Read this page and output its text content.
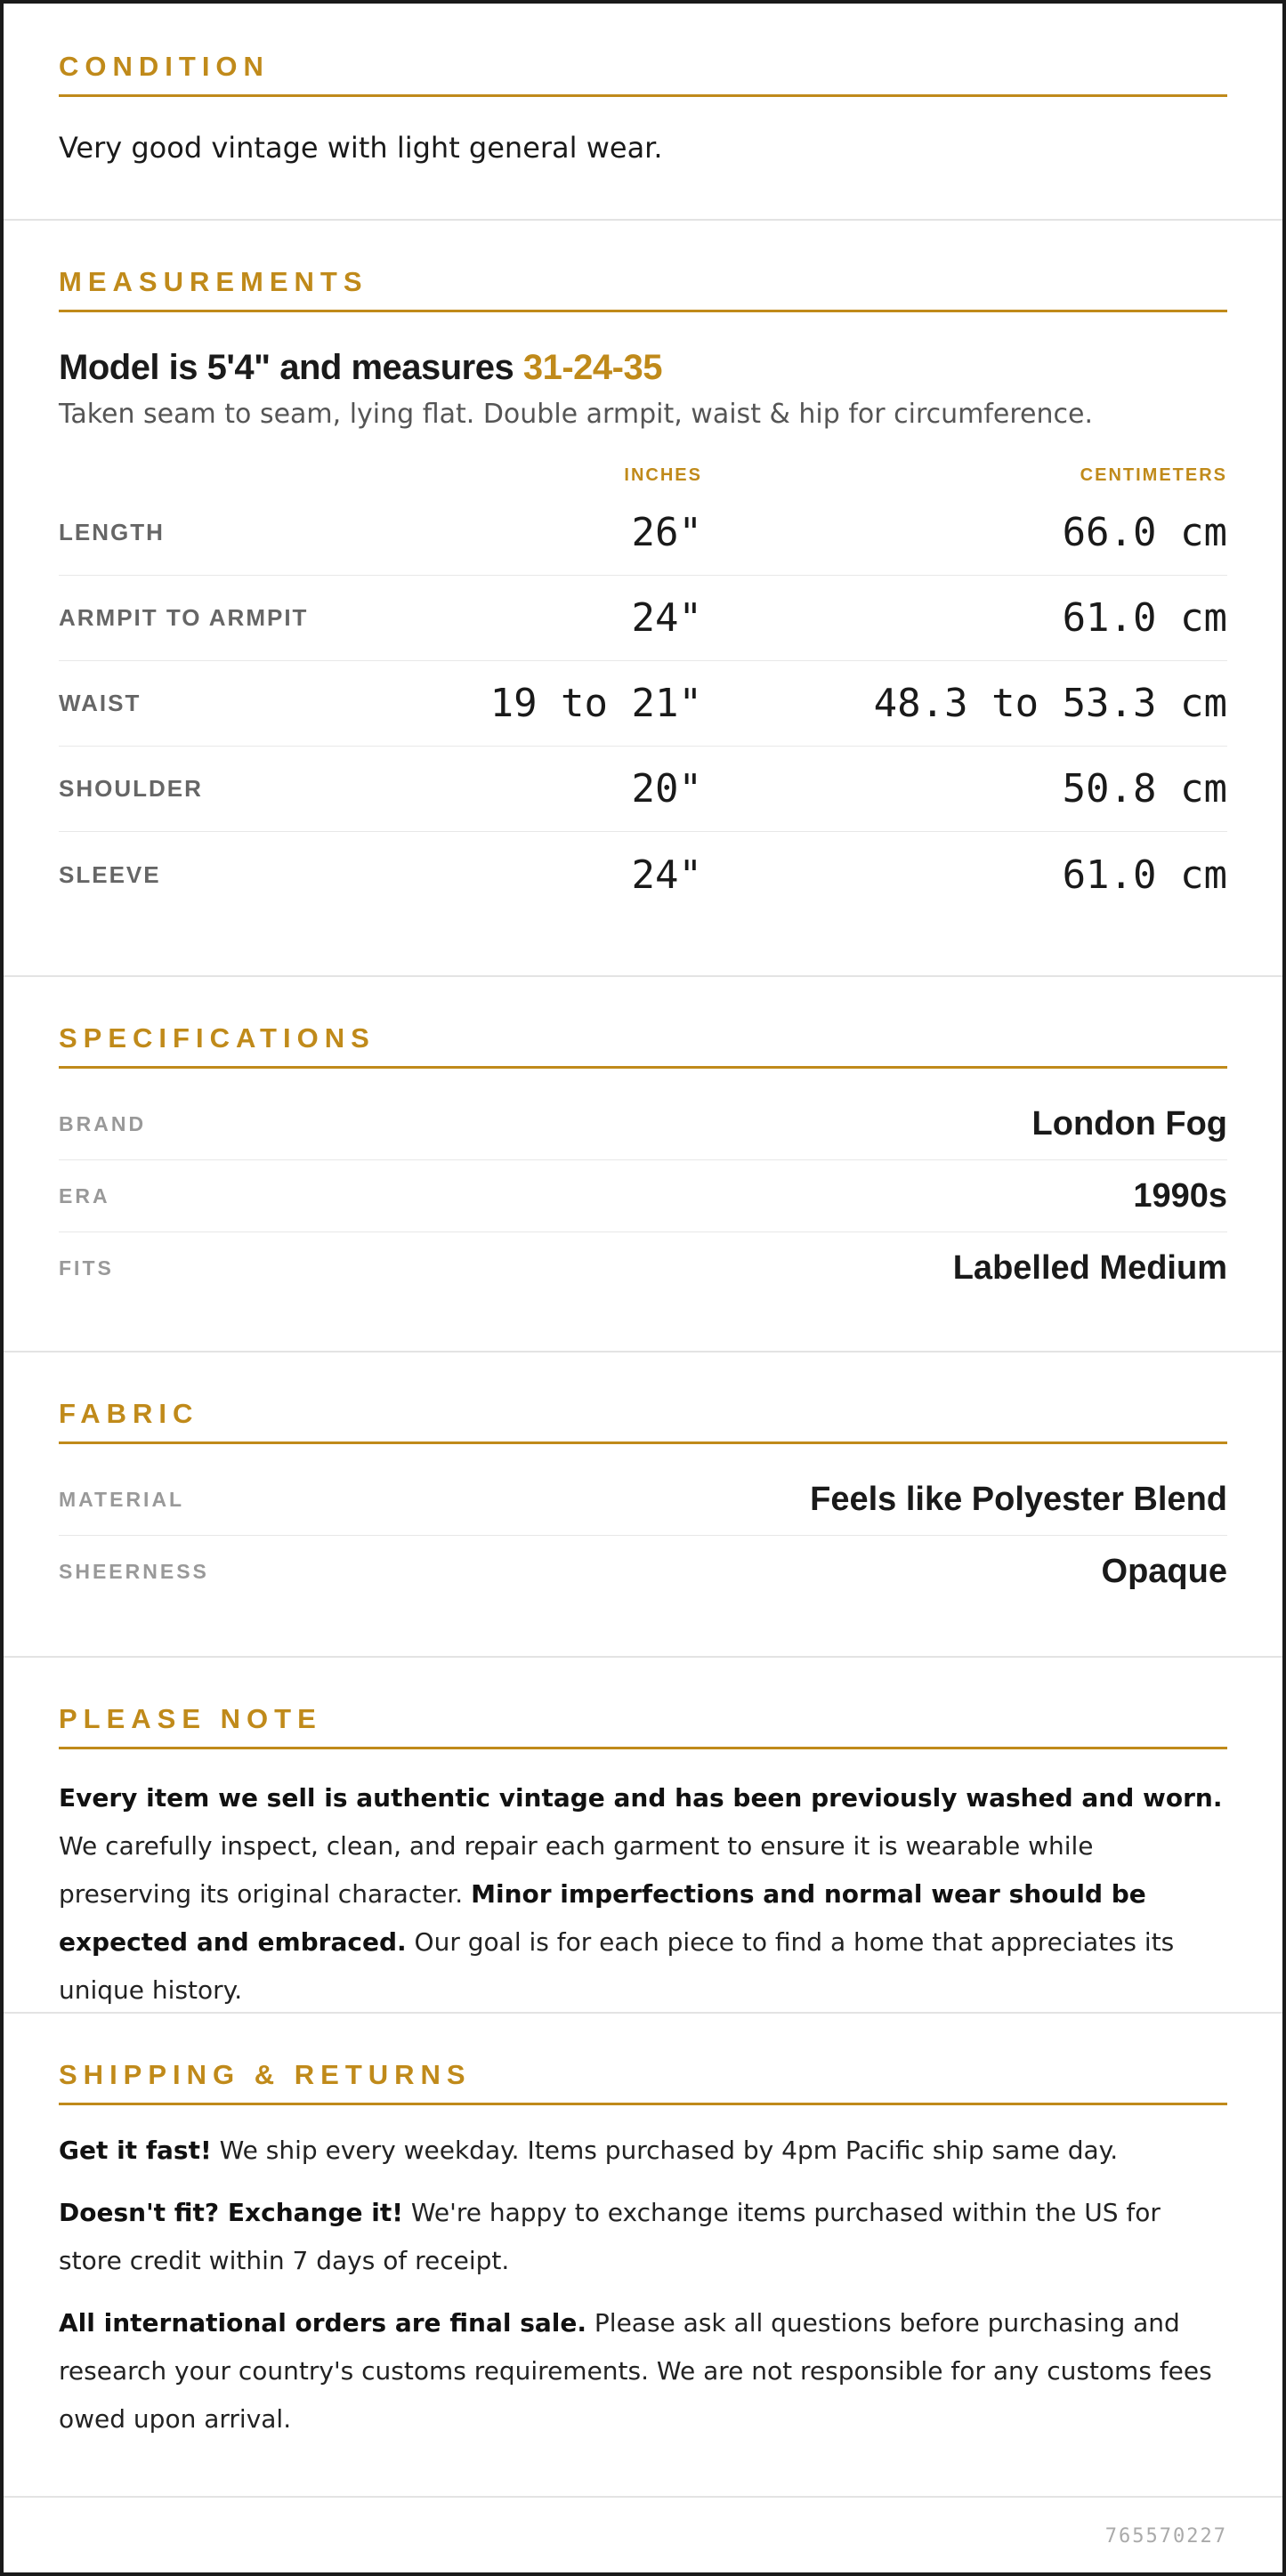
CONDITION

Very good vintage with light general wear.

MEASUREMENTS
Model is 5'4" and measures 31-24-35

Taken seam to seam, lying flat. Double armpit, waist & hip for circumference.

INCHES	CENTIMETERS
LENGTH	26"	66.0 cm
ARMPIT TO ARMPIT	24"	61.0 cm
WAIST	19 to 21"	48.3 to 53.3 cm
SHOULDER	20"	50.8 cm
SLEEVE	24"	61.0 cm
SPECIFICATIONS
BRAND	London Fog
ERA	1990s
FITS	Labelled Medium
FABRIC
MATERIAL	Feels like Polyester Blend
SHEERNESS	Opaque
PLEASE NOTE

Every item we sell is authentic vintage and has been previously washed and worn. We carefully inspect, clean, and repair each garment to ensure it is wearable while preserving its original character. Minor imperfections and normal wear should be expected and embraced. Our goal is for each piece to find a home that appreciates its unique history.

SHIPPING & RETURNS

Get it fast! We ship every weekday. Items purchased by 4pm Pacific ship same day.

Doesn't fit? Exchange it! We're happy to exchange items purchased within the US for store credit within 7 days of receipt.

All international orders are final sale. Please ask all questions before purchasing and research your country's customs requirements. We are not responsible for any customs fees owed upon arrival.

765570227
